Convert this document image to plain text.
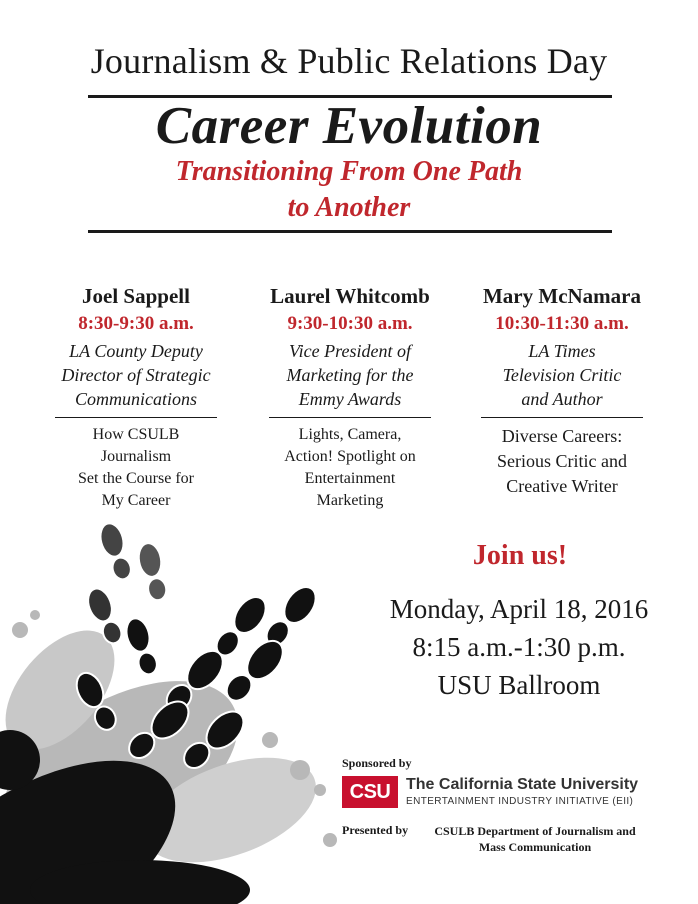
Journalism & Public Relations Day
Career Evolution
Transitioning From One Path
to Another
Joel Sappell
8:30-9:30 a.m.
LA County Deputy
Director of Strategic
Communications
How CSULB
Journalism
Set the Course for
My Career
Laurel Whitcomb
9:30-10:30 a.m.
Vice President of
Marketing for the
Emmy Awards
Lights, Camera,
Action! Spotlight on
Entertainment
Marketing
Mary McNamara
10:30-11:30 a.m.
LA Times
Television Critic
and Author
Diverse Careers:
Serious Critic and
Creative Writer
Join us!
Monday, April 18, 2016
8:15 a.m.-1:30 p.m.
USU Ballroom
Sponsored by
CSU The California State University
ENTERTAINMENT INDUSTRY INITIATIVE (EII)
Presented by	CSULB Department of Journalism and
Mass Communication
